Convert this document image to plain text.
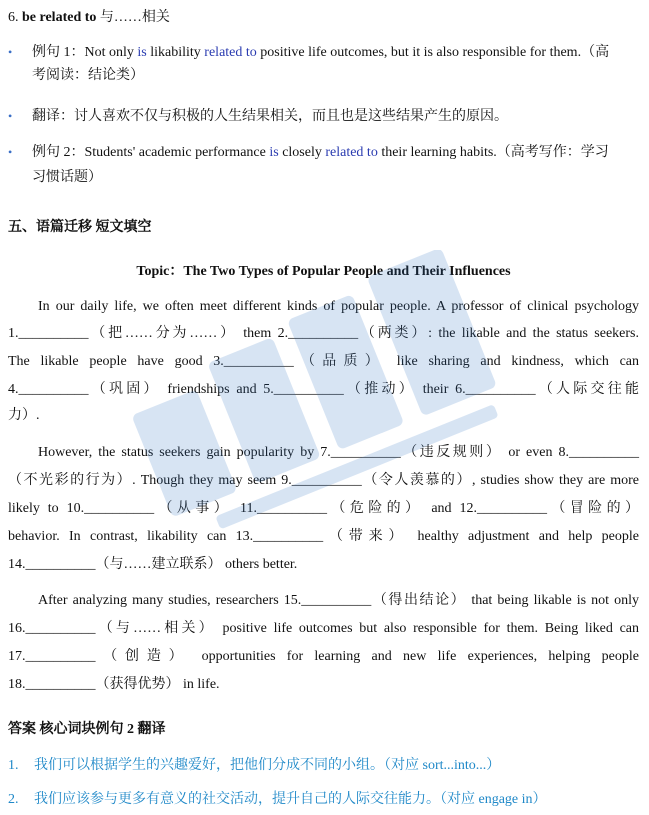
6. be related to 与……相关
• 例句 1：Not only is likability related to positive life outcomes, but it is also responsible for them.（高
考阅读：结论类）
• 翻译：讨人喜欢不仅与积极的人生结果相关，而且也是这些结果产生的原因。
• 例句 2：Students' academic performance is closely related to their learning habits.（高考写作：学习
习惯话题）
五、语篇迁移 短文填空
Topic：The Two Types of Popular People and Their Influences
In our daily life, we often meet different kinds of popular people. A professor of clinical psychology
1.__________（把……分为……） them 2.__________（两类）: the likable and the status seekers.
The likable people have good 3.__________（品质） like sharing and kindness, which can
4.__________（巩固） friendships and 5.__________（推动） their 6.__________（人际交往能
力）.
However, the status seekers gain popularity by 7.__________（违反规则） or even 8.__________
（不光彩的行为）. Though they may seem 9.__________（令人羡慕的）, studies show they are more
likely to 10.__________（从事） 11.__________（危险的） and 12.__________（冒险的）
behavior. In contrast, likability can 13.__________（带来） healthy adjustment and help people
14.__________（与……建立联系） others better.
After analyzing many studies, researchers 15.__________（得出结论） that being likable is not only
16.__________（与……相关） positive life outcomes but also responsible for them. Being liked can
17.__________（创造） opportunities for learning and new life experiences, helping people
18.__________（获得优势） in life.
答案 核心词块例句 2 翻译
1. 我们可以根据学生的兴趣爱好，把他们分成不同的小组。（对应 sort...into...）
2. 我们应该参与更多有意义的社交活动，提升自己的人际交往能力。（对应 engage in）
